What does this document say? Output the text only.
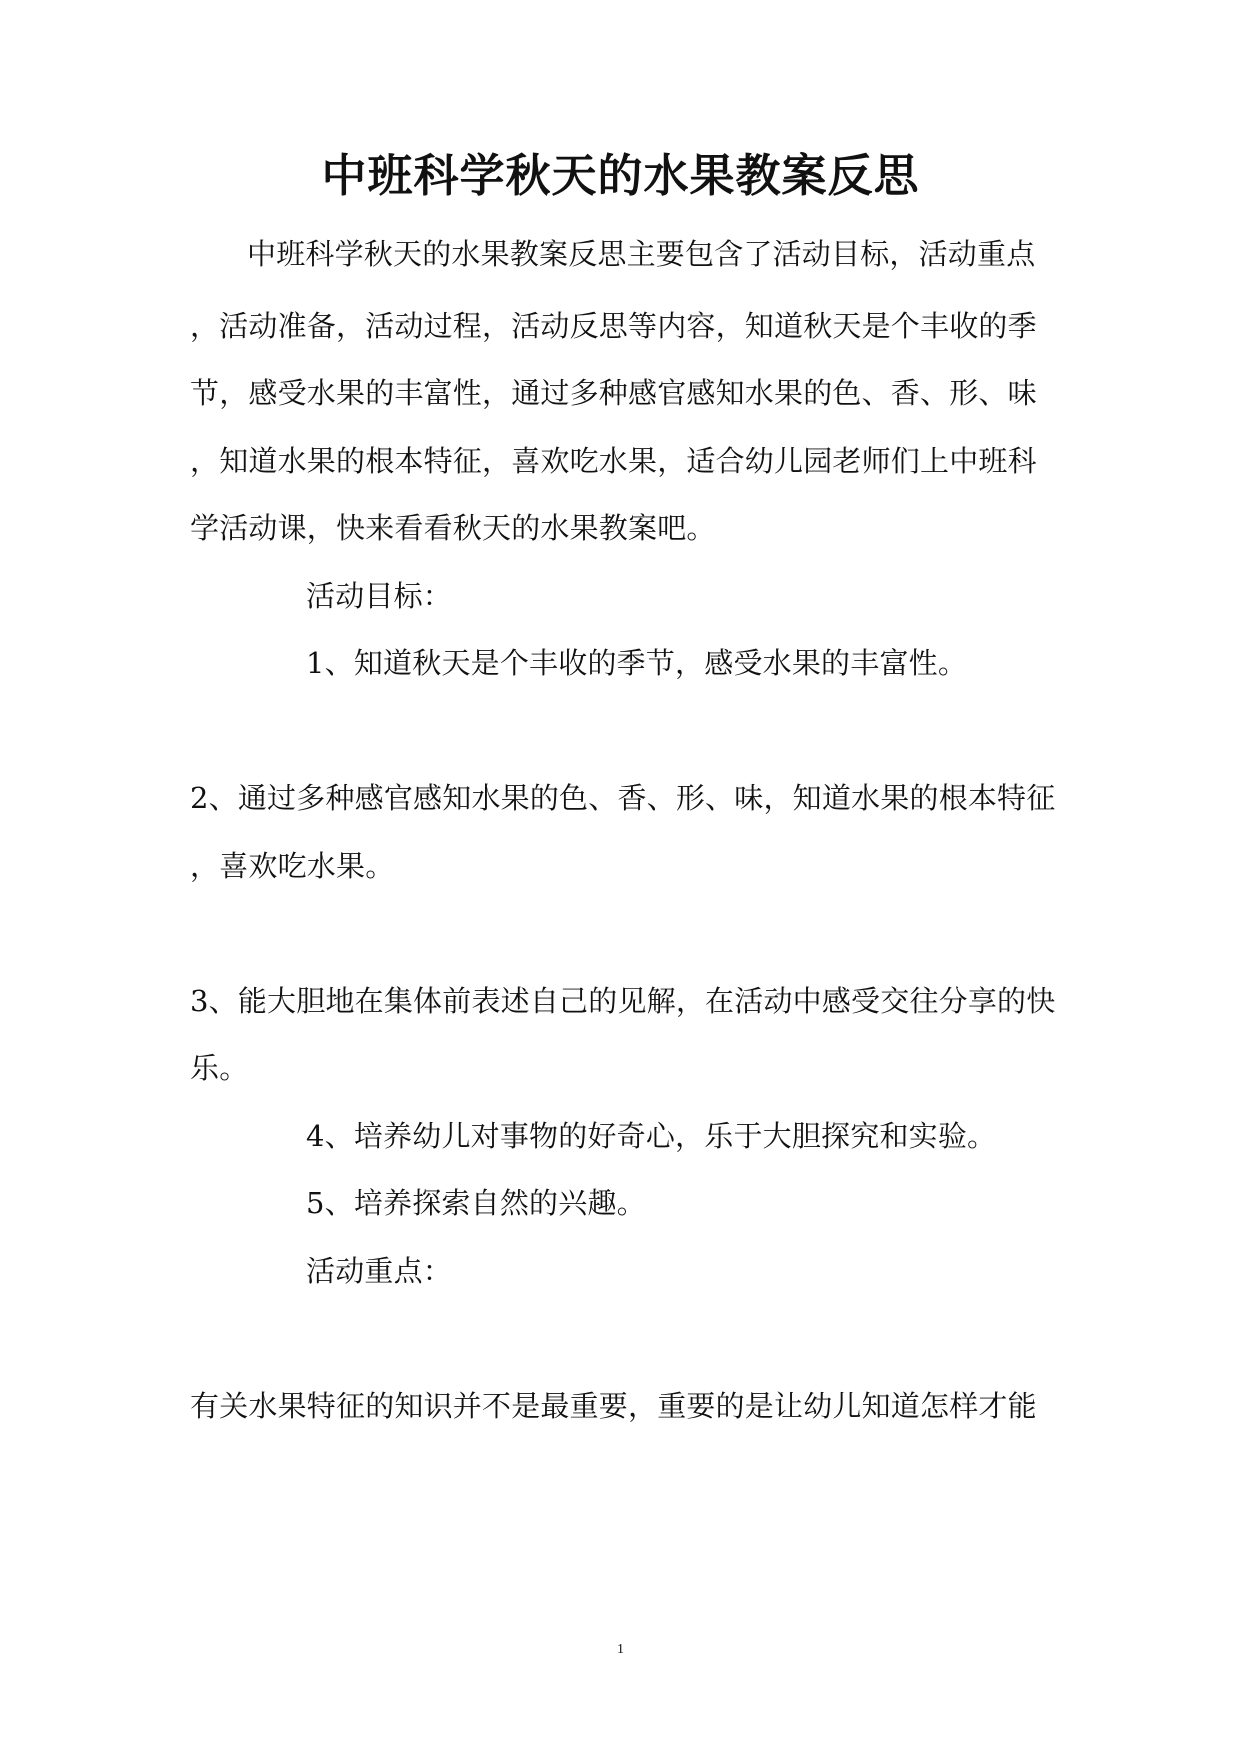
中班科学秋天的水果教案反思
中班科学秋天的水果教案反思主要包含了活动目标，活动重点
，活动准备，活动过程，活动反思等内容，知道秋天是个丰收的季
节，感受水果的丰富性，通过多种感官感知水果的色、香、形、味
，知道水果的根本特征，喜欢吃水果，适合幼儿园老师们上中班科
学活动课，快来看看秋天的水果教案吧。
活动目标：
1、知道秋天是个丰收的季节，感受水果的丰富性。
2、通过多种感官感知水果的色、香、形、味，知道水果的根本特征
，喜欢吃水果。
3、能大胆地在集体前表述自己的见解，在活动中感受交往分享的快
乐。
4、培养幼儿对事物的好奇心，乐于大胆探究和实验。
5、培养探索自然的兴趣。
活动重点：
有关水果特征的知识并不是最重要，重要的是让幼儿知道怎样才能
1
